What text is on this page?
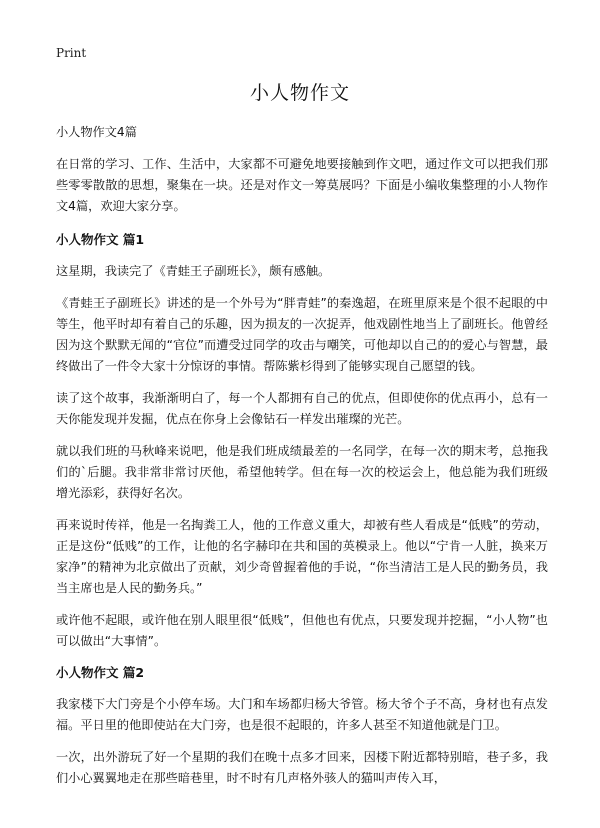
Print
小人物作文

小人物作文4篇

在日常的学习、工作、生活中，大家都不可避免地要接触到作文吧，通过作文可以把我们那些零零散散的思想，聚集在一块。还是对作文一筹莫展吗？下面是小编收集整理的小人物作文4篇，欢迎大家分享。

小人物作文 篇1

这星期，我读完了《青蛙王子副班长》，颇有感触。

《青蛙王子副班长》讲述的是一个外号为“胖青蛙”的秦逸超，在班里原来是个很不起眼的中等生，他平时却有着自己的乐趣，因为损友的一次捉弄，他戏剧性地当上了副班长。他曾经因为这个默默无闻的“官位”而遭受过同学的攻击与嘲笑，可他却以自己的的爱心与智慧，最终做出了一件令大家十分惊讶的事情。帮陈紫杉得到了能够实现自己愿望的钱。

读了这个故事，我渐渐明白了，每一个人都拥有自己的优点，但即使你的优点再小，总有一天你能发现并发掘，优点在你身上会像钻石一样发出璀璨的光芒。

就以我们班的马秋峰来说吧，他是我们班成绩最差的一名同学，在每一次的期末考，总拖我们的`后腿。我非常非常讨厌他，希望他转学。但在每一次的校运会上，他总能为我们班级增光添彩，获得好名次。

再来说时传祥，他是一名掏粪工人，他的工作意义重大，却被有些人看成是“低贱”的劳动，正是这份“低贱”的工作，让他的名字赫印在共和国的英模录上。他以“宁肯一人脏，换来万家净”的精神为北京做出了贡献，刘少奇曾握着他的手说，“你当清洁工是人民的勤务员，我当主席也是人民的勤务兵。”

或许他不起眼，或许他在别人眼里很“低贱”，但他也有优点，只要发现并挖掘，“小人物”也可以做出“大事情”。

小人物作文 篇2

我家楼下大门旁是个小停车场。大门和车场都归杨大爷管。杨大爷个子不高，身材也有点发福。平日里的他即使站在大门旁，也是很不起眼的，许多人甚至不知道他就是门卫。

一次，出外游玩了好一个星期的我们在晚十点多才回来，因楼下附近都特别暗，巷子多，我们小心翼翼地走在那些暗巷里，时不时有几声格外骇人的猫叫声传入耳，
